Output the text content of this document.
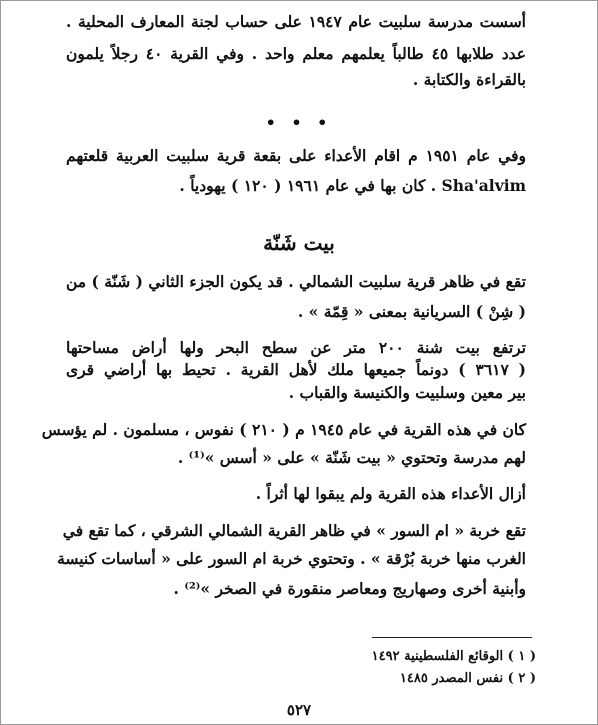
أسست مدرسة سلبيت عام ١٩٤٧ على حساب لجنة المعارف المحلية .
عدد طلابها ٤٥ طالباً يعلمهم معلم واحد . وفي القرية ٤٠ رجلاً يلمون
بالقراءة والكتابة .
• • •
وفي عام ١٩٥١ م اقام الأعداء على بقعة قرية سلبيت العربية قلعتهم
Sha'alvim . كان بها في عام ١٩٦١ ( ١٢٠ ) يهودياً .
بيت شَنّة
تقع في ظاهر قرية سلبيت الشمالي . قد يكون الجزء الثاني ( شَنّة ) من
( شِنْ ) السريانية بمعنى « قِمّة » .
ترتفع بيت شنة ٢٠٠ متر عن سطح البحر ولها أراض مساحتها
( ٣٦١٧ ) دونماً جميعها ملك لأهل القرية . تحيط بها أراضي قرى
بير معين وسلبيت والكنيسة والقباب .
كان في هذه القرية في عام ١٩٤٥ م ( ٢١٠ ) نفوس ، مسلمون . لم يؤسس
لهم مدرسة وتحتوي « بيت شَنّة » على « أسس »⁽¹⁾ .
أزال الأعداء هذه القرية ولم يبقوا لها أثراً .
تقع خربة « ام السور » في ظاهر القرية الشمالي الشرقي ، كما تقع في
الغرب منها خربة بُرْقة » . وتحتوي خربة ام السور على « أساسات كنيسة
وأبنية أخرى وصهاريج ومعاصر منقورة في الصخر »⁽²⁾ .
( ١ ) الوقائع الفلسطينية ١٤٩٢
( ٢ ) نفس المصدر ١٤٨٥
٥٢٧
